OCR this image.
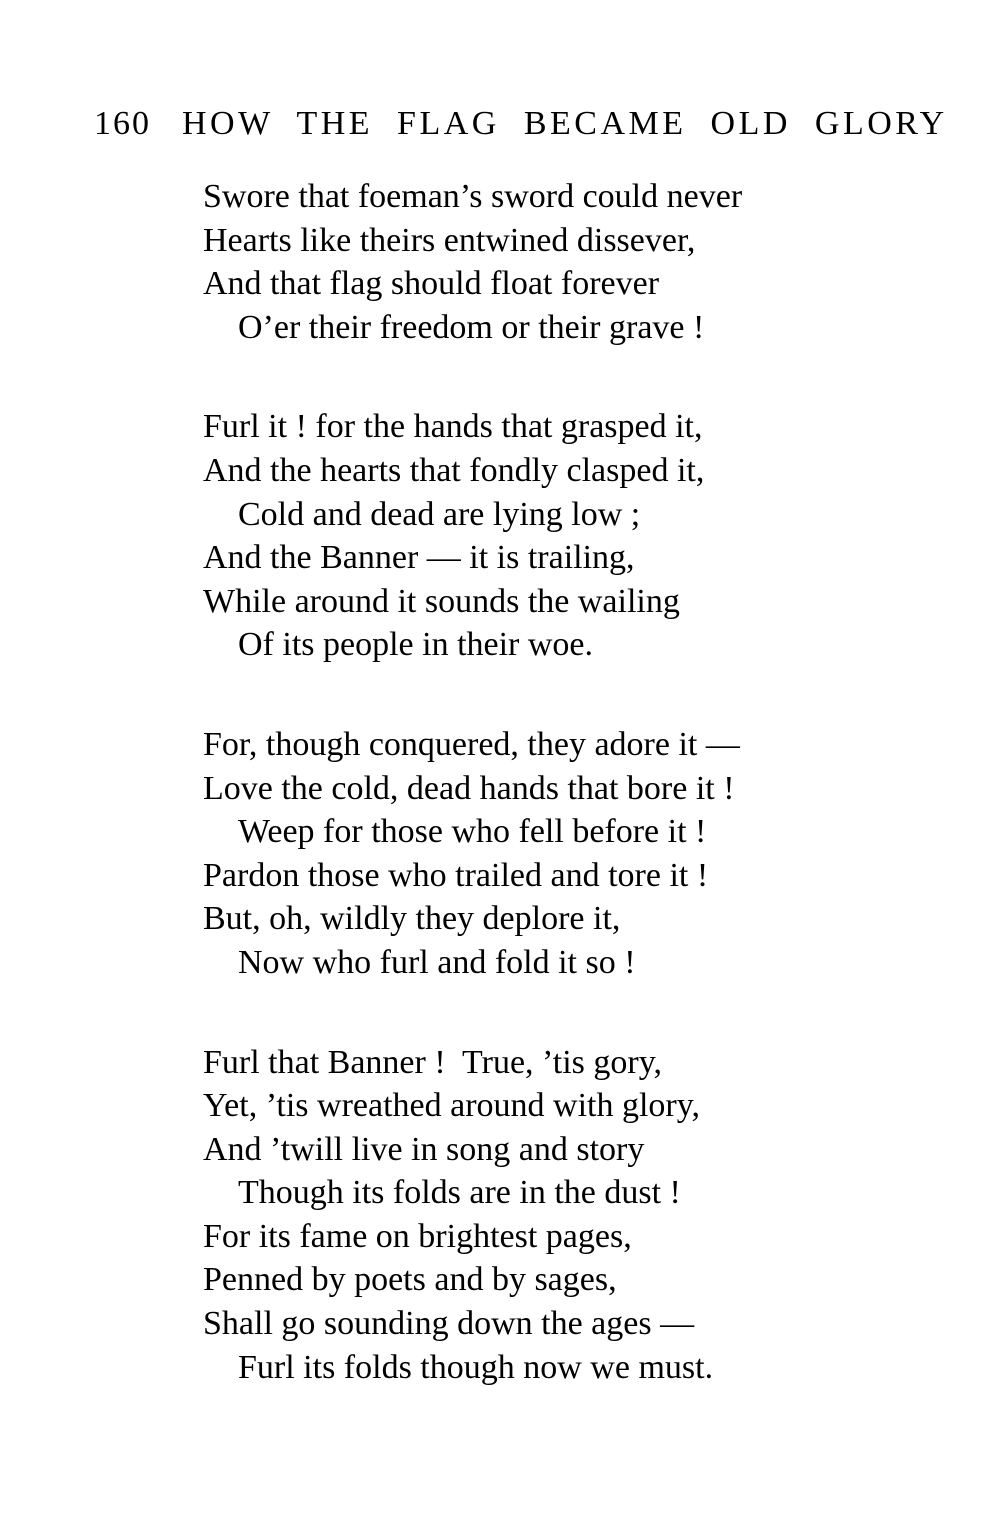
160 HOW THE FLAG BECAME OLD GLORY
Swore that foeman’s sword could never
Hearts like theirs entwined dissever,
And that flag should float forever
O’er their freedom or their grave !
Furl it ! for the hands that grasped it,
And the hearts that fondly clasped it,
Cold and dead are lying low ;
And the Banner — it is trailing,
While around it sounds the wailing
Of its people in their woe.
For, though conquered, they adore it —
Love the cold, dead hands that bore it !
Weep for those who fell before it !
Pardon those who trailed and tore it !
But, oh, wildly they deplore it,
Now who furl and fold it so !
Furl that Banner !  True, ’tis gory,
Yet, ’tis wreathed around with glory,
And ’twill live in song and story
Though its folds are in the dust !
For its fame on brightest pages,
Penned by poets and by sages,
Shall go sounding down the ages —
Furl its folds though now we must.
